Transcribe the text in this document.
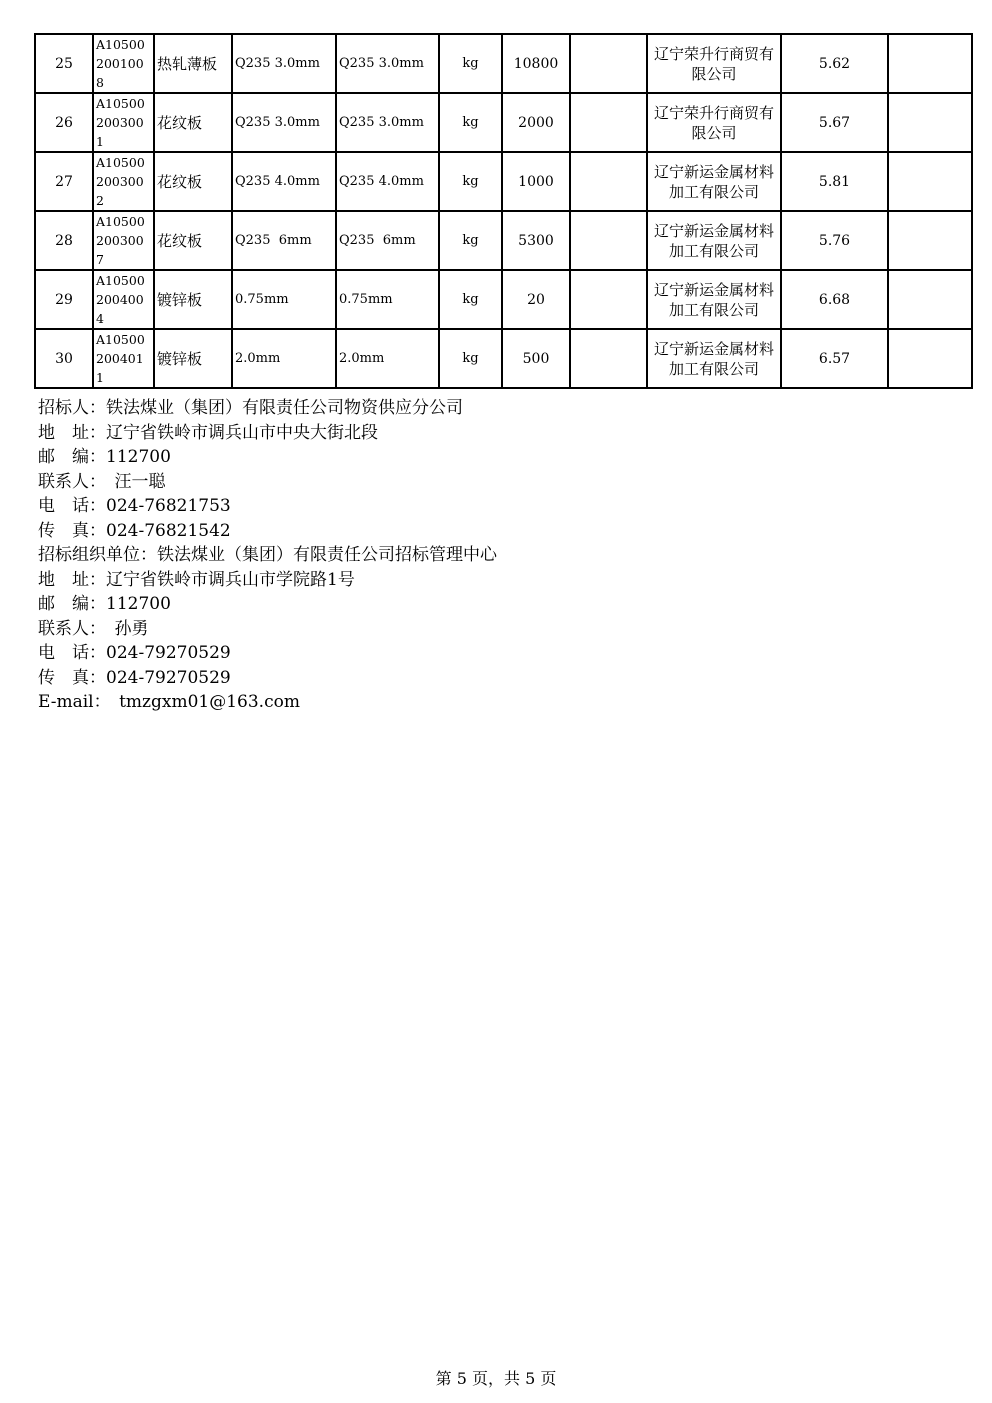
25	A105002001008	热轧薄板	Q235 3.0mm	Q235 3.0mm	kg	10800		辽宁荣升行商贸有限公司	5.62	
26	A105002003001	花纹板	Q235 3.0mm	Q235 3.0mm	kg	2000		辽宁荣升行商贸有限公司	5.67	
27	A105002003002	花纹板	Q235 4.0mm	Q235 4.0mm	kg	1000		辽宁新运金属材料加工有限公司	5.81	
28	A105002003007	花纹板	Q235  6mm	Q235  6mm	kg	5300		辽宁新运金属材料加工有限公司	5.76	
29	A105002004004	镀锌板	0.75mm	0.75mm	kg	20		辽宁新运金属材料加工有限公司	6.68	
30	A105002004011	镀锌板	2.0mm	2.0mm	kg	500		辽宁新运金属材料加工有限公司	6.57	
招标人：铁法煤业（集团）有限责任公司物资供应分公司
地　址：辽宁省铁岭市调兵山市中央大街北段
邮　编：112700
联系人：　汪一聪
电　话：024-76821753
传　真：024-76821542
招标组织单位：铁法煤业（集团）有限责任公司招标管理中心
地　址：辽宁省铁岭市调兵山市学院路1号
邮　编：112700
联系人：　孙勇
电　话：024-79270529
传　真：024-79270529
E-mail：　tmzgxm01@163.com
第 5 页，共 5 页
